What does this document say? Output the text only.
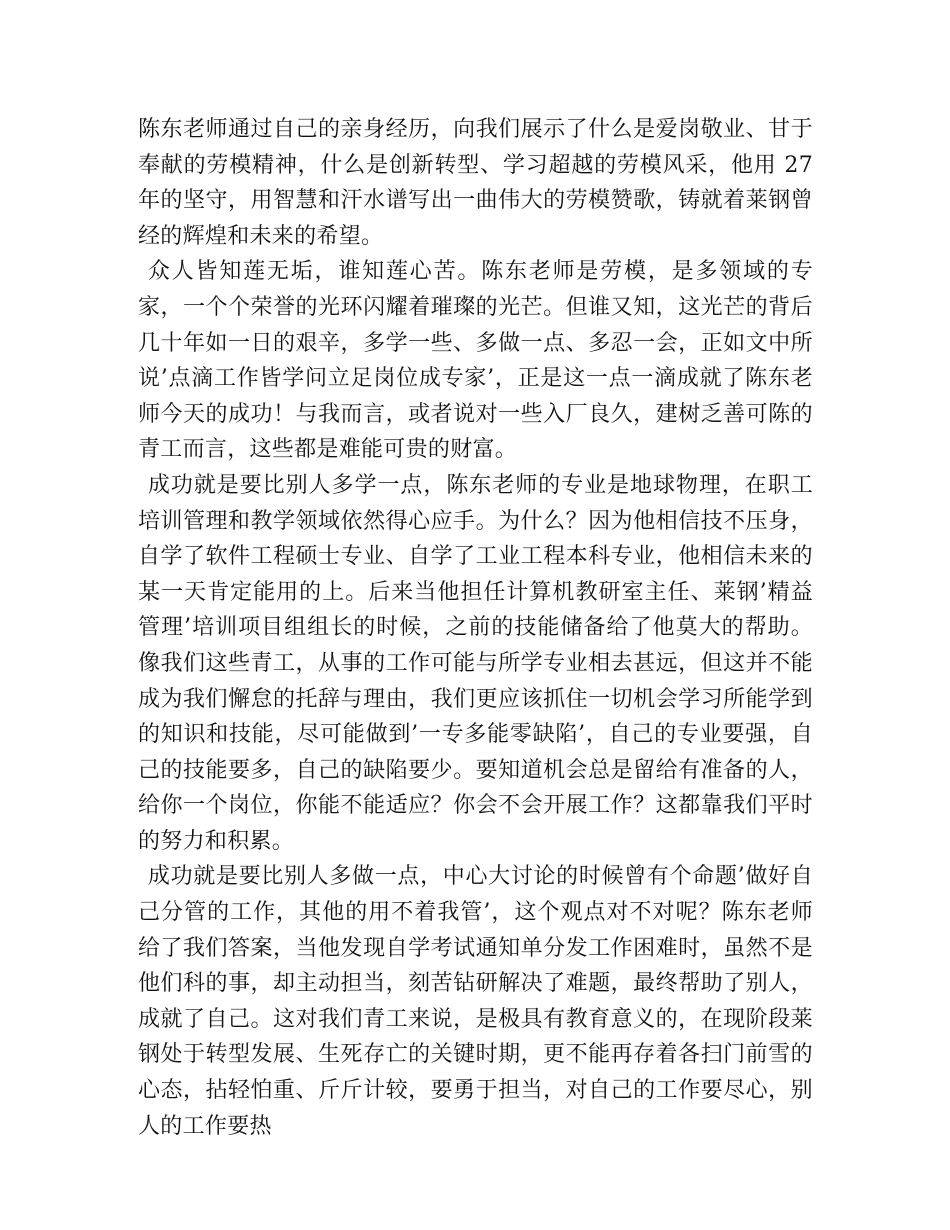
陈东老师通过自己的亲身经历，向我们展示了什么是爱岗敬业、甘于奉献的劳模精神，什么是创新转型、学习超越的劳模风采，他用 27 年的坚守，用智慧和汗水谱写出一曲伟大的劳模赞歌，铸就着莱钢曾经的辉煌和未来的希望。

众人皆知莲无垢，谁知莲心苦。陈东老师是劳模，是多领域的专家，一个个荣誉的光环闪耀着璀璨的光芒。但谁又知，这光芒的背后几十年如一日的艰辛，多学一些、多做一点、多忍一会，正如文中所说’点滴工作皆学问立足岗位成专家’，正是这一点一滴成就了陈东老师今天的成功！与我而言，或者说对一些入厂良久，建树乏善可陈的青工而言，这些都是难能可贵的财富。

成功就是要比别人多学一点，陈东老师的专业是地球物理，在职工培训管理和教学领域依然得心应手。为什么？因为他相信技不压身，自学了软件工程硕士专业、自学了工业工程本科专业，他相信未来的某一天肯定能用的上。后来当他担任计算机教研室主任、莱钢’精益管理’培训项目组组长的时候，之前的技能储备给了他莫大的帮助。像我们这些青工，从事的工作可能与所学专业相去甚远，但这并不能成为我们懈怠的托辞与理由，我们更应该抓住一切机会学习所能学到的知识和技能，尽可能做到’一专多能零缺陷’，自己的专业要强，自己的技能要多，自己的缺陷要少。要知道机会总是留给有准备的人，给你一个岗位，你能不能适应？你会不会开展工作？这都靠我们平时的努力和积累。

成功就是要比别人多做一点，中心大讨论的时候曾有个命题’做好自己分管的工作，其他的用不着我管’，这个观点对不对呢？陈东老师给了我们答案，当他发现自学考试通知单分发工作困难时，虽然不是他们科的事，却主动担当，刻苦钻研解决了难题，最终帮助了别人，成就了自己。这对我们青工来说，是极具有教育意义的，在现阶段莱钢处于转型发展、生死存亡的关键时期，更不能再存着各扫门前雪的心态，拈轻怕重、斤斤计较，要勇于担当，对自己的工作要尽心，别人的工作要热
